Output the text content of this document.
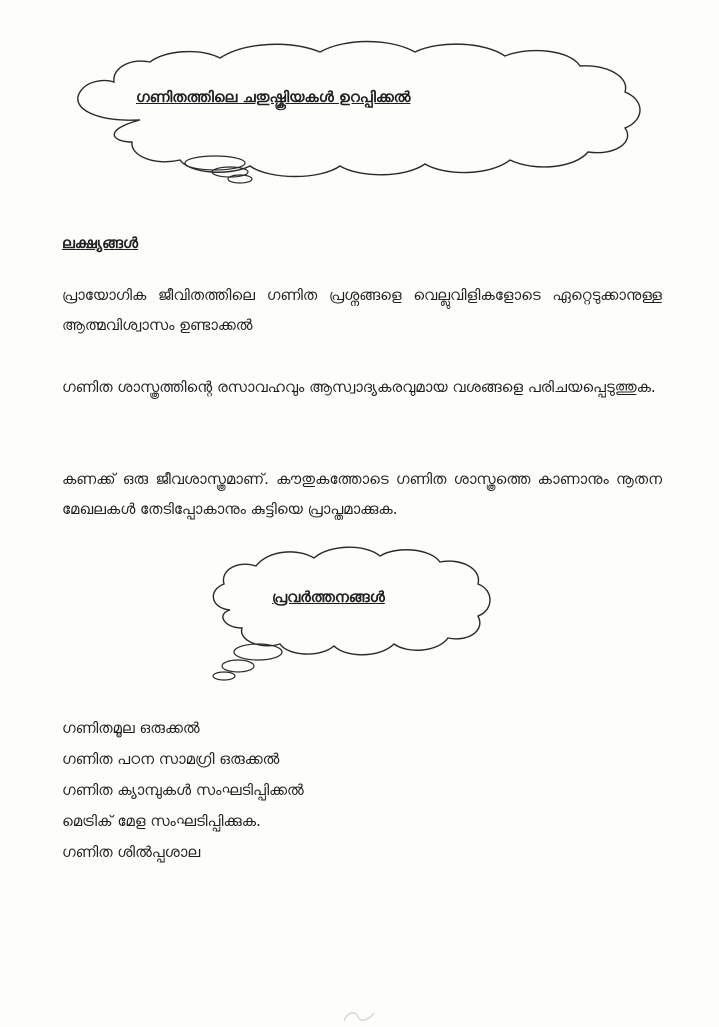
ഗണിതത്തിലെ ചതുഷ്ക്രിയകൾ ഉറപ്പിക്കൽ
ലക്ഷ്യങ്ങൾ
പ്രായോഗിക ജീവിതത്തിലെ ഗണിത പ്രശ്നങ്ങളെ വെല്ലുവിളികളോടെ ഏറ്റെടുക്കാനുള്ള ആത്മവിശ്വാസം ഉണ്ടാക്കൽ
ഗണിത ശാസ്ത്രത്തിന്റെ രസാവഹവും ആസ്വാദ്യകരവുമായ വശങ്ങളെ പരിചയപ്പെടുത്തുക.
കണക്ക് ഒരു ജീവശാസ്ത്രമാണ്. കൗതുകത്തോടെ ഗണിത ശാസ്ത്രത്തെ കാണാനും നൂതന മേഖലകൾ തേടിപ്പോകാനും കുട്ടിയെ പ്രാപ്തമാക്കുക.
പ്രവർത്തനങ്ങൾ
ഗണിതമൂല ഒരുക്കൽ
ഗണിത പഠന സാമഗ്രി ഒരുക്കൽ
ഗണിത ക്യാമ്പുകൾ സംഘടിപ്പിക്കൽ
മെട്രിക് മേള സംഘടിപ്പിക്കുക.
ഗണിത ശിൽപ്പശാല
